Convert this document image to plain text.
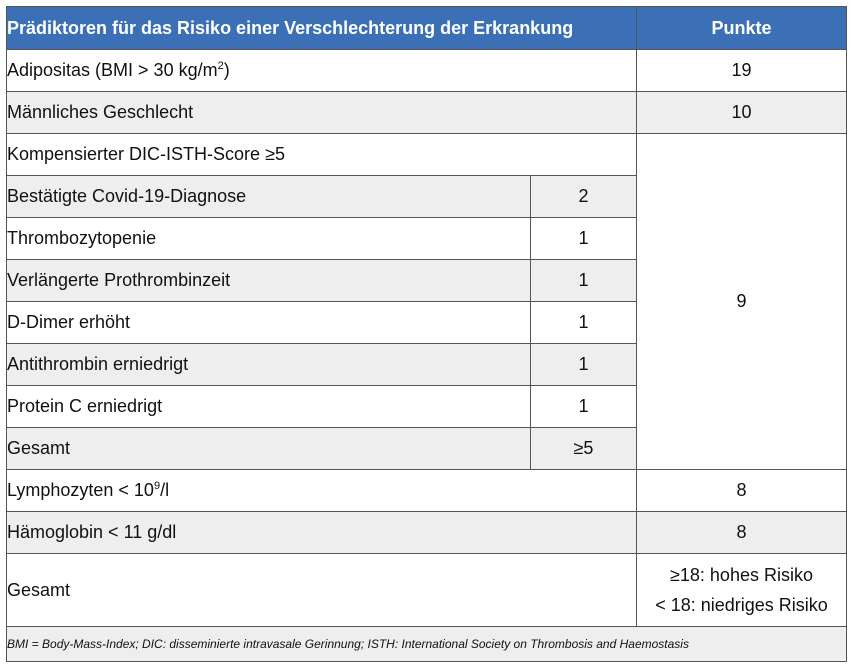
Prädiktoren für das Risiko einer Verschlechterung der Erkrankung		Punkte
Adipositas (BMI > 30 $kg/m^2$)		19
Männliches Geschlecht		10
Kompensierter DIC-ISTH-Score ≥5		9
Bestätigte Covid-19-Diagnose	2	
Thrombozytopenie	1	
Verlängerte Prothrombinzeit	1	
D-Dimer erhöht	1	
Antithrombin erniedrigt	1	
Protein C erniedrigt	1	
Gesamt	≥5	
Lymphozyten < $10^9/l$		8
Hämoglobin < 11 g/dl		8
Gesamt		≥18: hohes Risiko
< 18: niedriges Risiko

BMI = Body-Mass-Index; DIC: disseminierte intravasale Gerinnung; ISTH: International Society on Thrombosis and Haemostasis		
